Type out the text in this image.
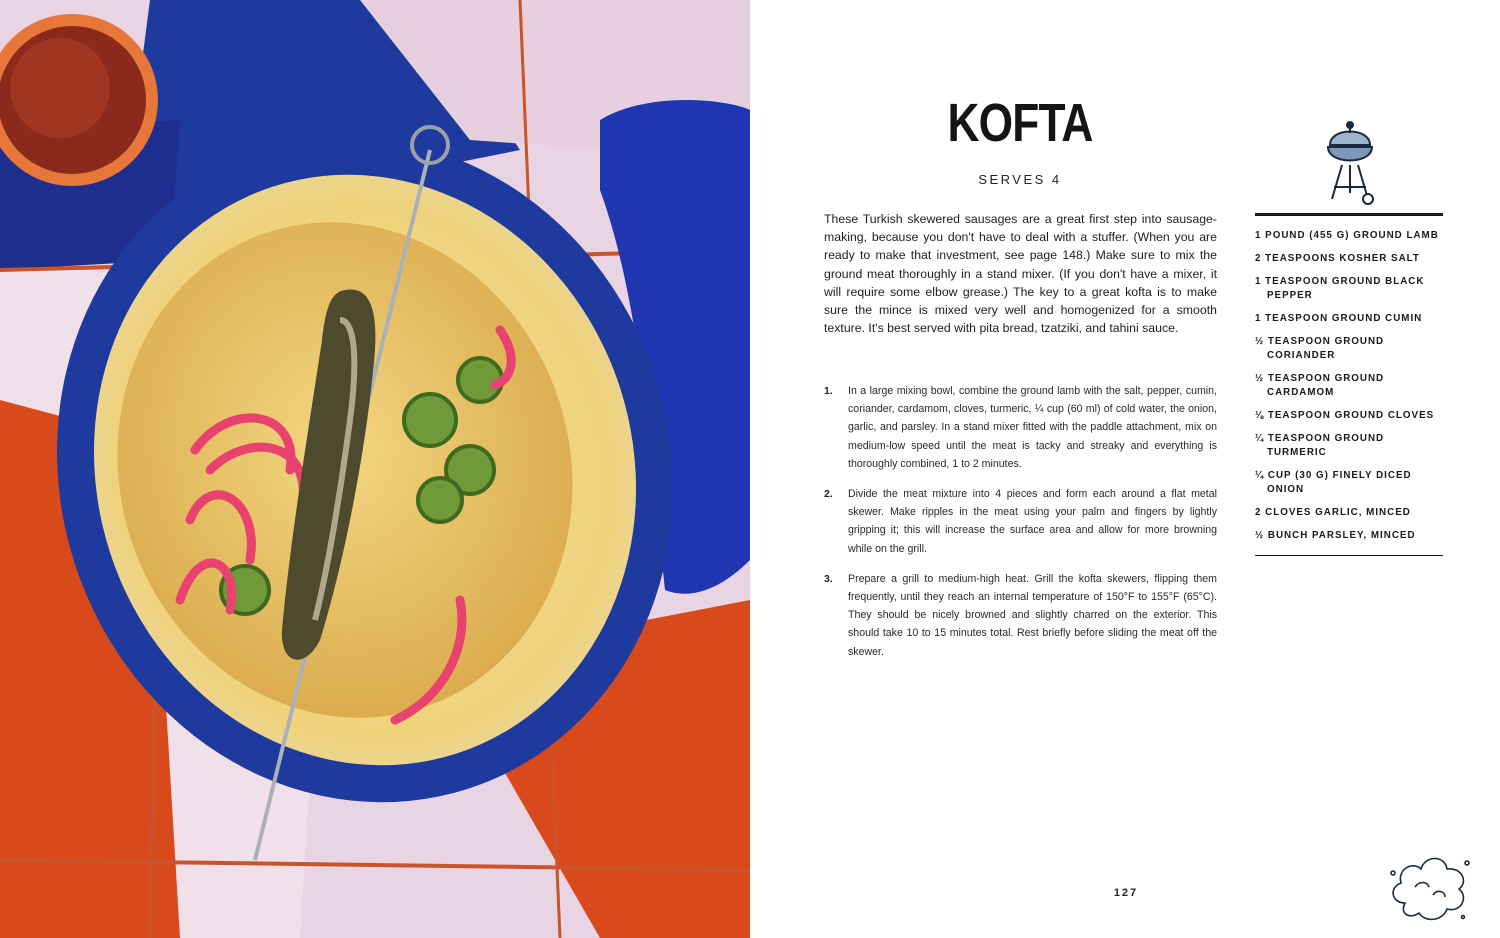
KOFTA
SERVES 4

These Turkish skewered sausages are a great first step into sausage-making, because you don't have to deal with a stuffer. (When you are ready to make that investment, see page 148.) Make sure to mix the ground meat thoroughly in a stand mixer. (If you don't have a mixer, it will require some elbow grease.) The key to a great kofta is to make sure the mince is mixed very well and homogenized for a smooth texture. It's best served with pita bread, tzatziki, and tahini sauce.

1.	In a large mixing bowl, combine the ground lamb with the salt, pepper, cumin, coriander, cardamom, cloves, turmeric, ¼ cup (60 ml) of cold water, the onion, garlic, and parsley. In a stand mixer fitted with the paddle attachment, mix on medium-low speed until the meat is tacky and streaky and everything is thoroughly combined, 1 to 2 minutes.
2.	Divide the meat mixture into 4 pieces and form each around a flat metal skewer. Make ripples in the meat using your palm and fingers by lightly gripping it; this will increase the surface area and allow for more browning while on the grill.
3.	Prepare a grill to medium-high heat. Grill the kofta skewers, flipping them frequently, until they reach an internal temperature of 150°F to 155°F (65°C). They should be nicely browned and slightly charred on the exterior. This should take 10 to 15 minutes total. Rest briefly before sliding the meat off the skewer.
1 POUND (455 G) GROUND LAMB
2 TEASPOONS KOSHER SALT
1 TEASPOON GROUND BLACK PEPPER
1 TEASPOON GROUND CUMIN
½ TEASPOON GROUND CORIANDER
½ TEASPOON GROUND CARDAMOM
⅛ TEASPOON GROUND CLOVES
¼ TEASPOON GROUND TURMERIC
¼ CUP (30 G) FINELY DICED ONION
2 CLOVES GARLIC, MINCED
½ BUNCH PARSLEY, MINCED
127
